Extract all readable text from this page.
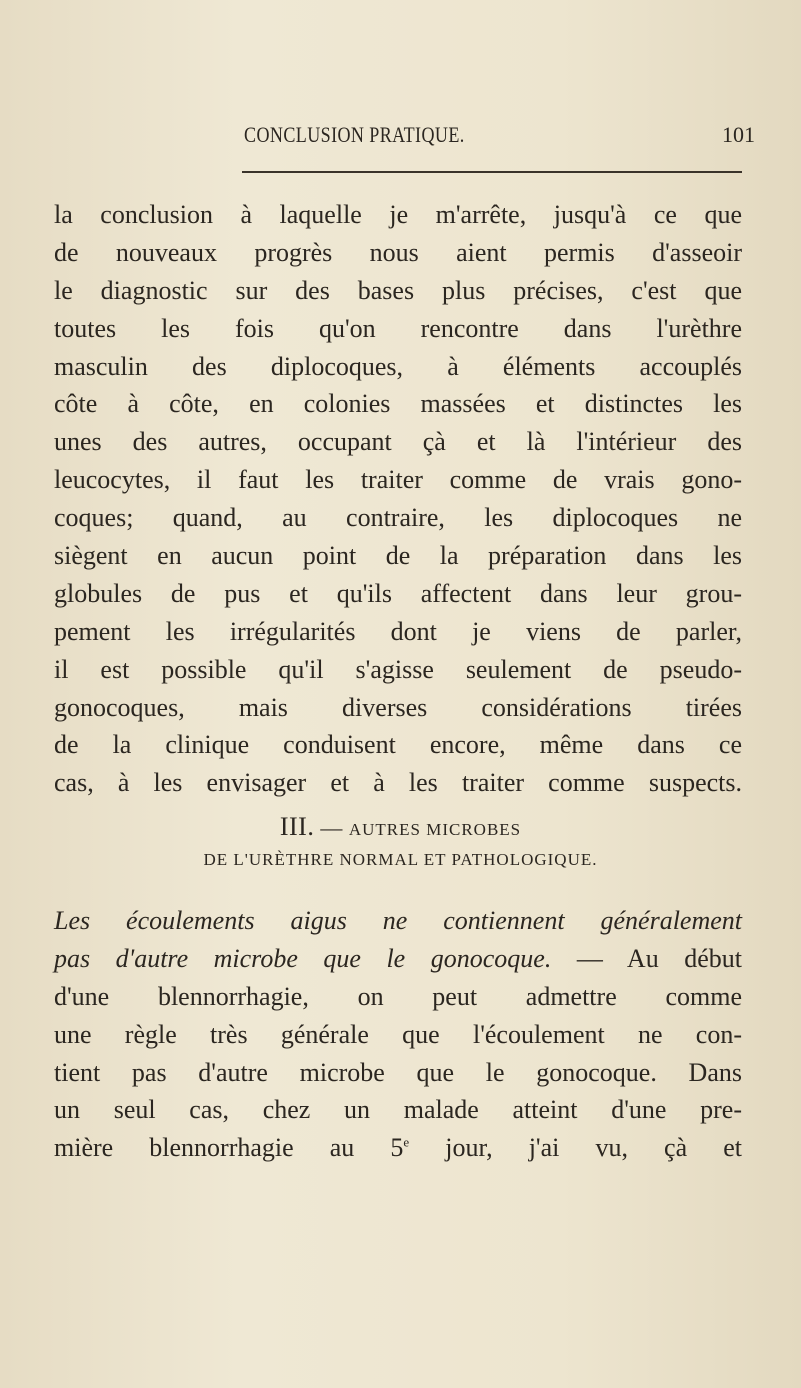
CONCLUSION PRATIQUE.	101
la conclusion à laquelle je m'arrête, jusqu'à ce que
de nouveaux progrès nous aient permis d'asseoir
le diagnostic sur des bases plus précises, c'est que
toutes les fois qu'on rencontre dans l'urèthre
masculin des diplocoques, à éléments accouplés
côte à côte, en colonies massées et distinctes les
unes des autres, occupant çà et là l'intérieur des
leucocytes, il faut les traiter comme de vrais gono-
coques; quand, au contraire, les diplocoques ne
siègent en aucun point de la préparation dans les
globules de pus et qu'ils affectent dans leur grou-
pement les irrégularités dont je viens de parler,
il est possible qu'il s'agisse seulement de pseudo-
gonocoques, mais diverses considérations tirées
de la clinique conduisent encore, même dans ce
cas, à les envisager et à les traiter comme suspects.
III. — AUTRES MICROBES
DE L'URÈTHRE NORMAL ET PATHOLOGIQUE.
Les écoulements aigus ne contiennent généralement
pas d'autre microbe que le gonocoque. — Au début
d'une blennorrhagie, on peut admettre comme
une règle très générale que l'écoulement ne con-
tient pas d'autre microbe que le gonocoque. Dans
un seul cas, chez un malade atteint d'une pre-
mière blennorrhagie au 5e jour, j'ai vu, çà et
